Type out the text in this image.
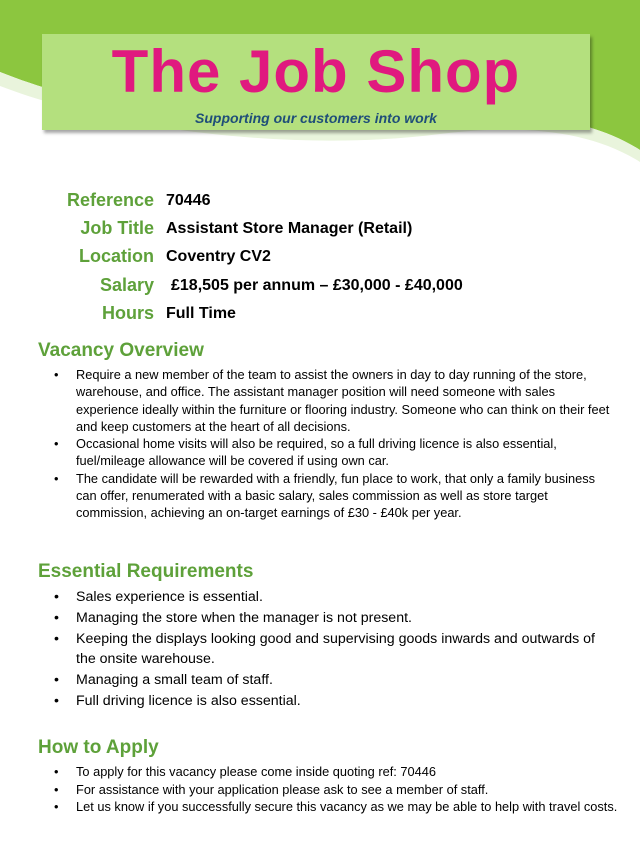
The Job Shop

Supporting our customers into work

Reference 70446
Job Title Assistant Store Manager (Retail)
Location Coventry CV2
Salary £18,505 per annum – £30,000 - £40,000
Hours Full Time
Vacancy Overview
• Require a new member of the team to assist the owners in day to day running of the store, warehouse, and office. The assistant manager position will need someone with sales experience ideally within the furniture or flooring industry. Someone who can think on their feet and keep customers at the heart of all decisions.
• Occasional home visits will also be required, so a full driving licence is also essential, fuel/mileage allowance will be covered if using own car.
• The candidate will be rewarded with a friendly, fun place to work, that only a family business can offer, renumerated with a basic salary, sales commission as well as store target commission, achieving an on-target earnings of £30 - £40k per year.
Essential Requirements
• Sales experience is essential.
• Managing the store when the manager is not present.
• Keeping the displays looking good and supervising goods inwards and outwards of the onsite warehouse.
• Managing a small team of staff.
• Full driving licence is also essential.
How to Apply
• To apply for this vacancy please come inside quoting ref: 70446
• For assistance with your application please ask to see a member of staff.
• Let us know if you successfully secure this vacancy as we may be able to help with travel costs.
